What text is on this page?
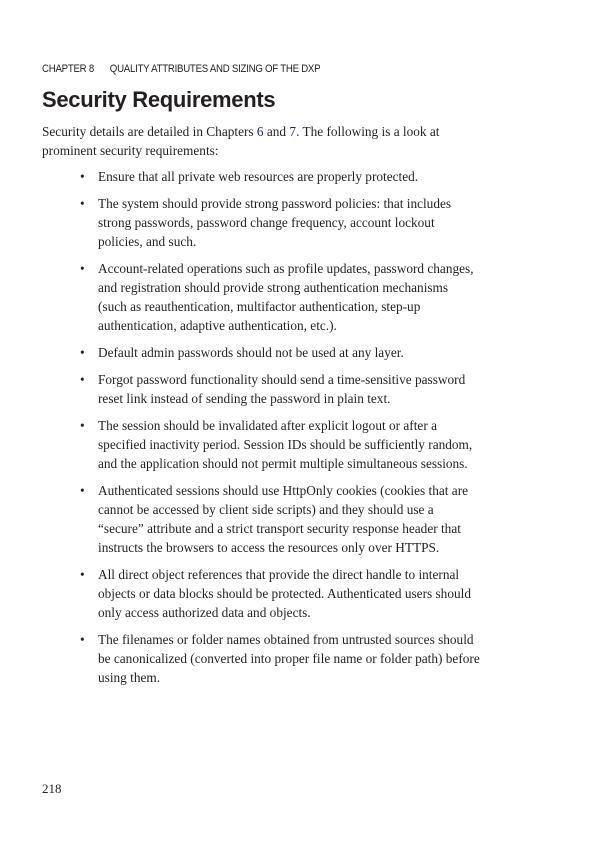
CHAPTER 8 QUALITY ATTRIBUTES AND SIZING OF THE DXP
Security Requirements

Security details are detailed in Chapters 6 and 7. The following is a look at prominent security requirements:

• Ensure that all private web resources are properly protected.
• The system should provide strong password policies: that includes strong passwords, password change frequency, account lockout policies, and such.
• Account-related operations such as profile updates, password changes, and registration should provide strong authentication mechanisms (such as reauthentication, multifactor authentication, step-up authentication, adaptive authentication, etc.).
• Default admin passwords should not be used at any layer.
• Forgot password functionality should send a time-sensitive password reset link instead of sending the password in plain text.
• The session should be invalidated after explicit logout or after a specified inactivity period. Session IDs should be sufficiently random, and the application should not permit multiple simultaneous sessions.
• Authenticated sessions should use HttpOnly cookies (cookies that are cannot be accessed by client side scripts) and they should use a “secure” attribute and a strict transport security response header that instructs the browsers to access the resources only over HTTPS.
• All direct object references that provide the direct handle to internal objects or data blocks should be protected. Authenticated users should only access authorized data and objects.
• The filenames or folder names obtained from untrusted sources should be canonicalized (converted into proper file name or folder path) before using them.
218
